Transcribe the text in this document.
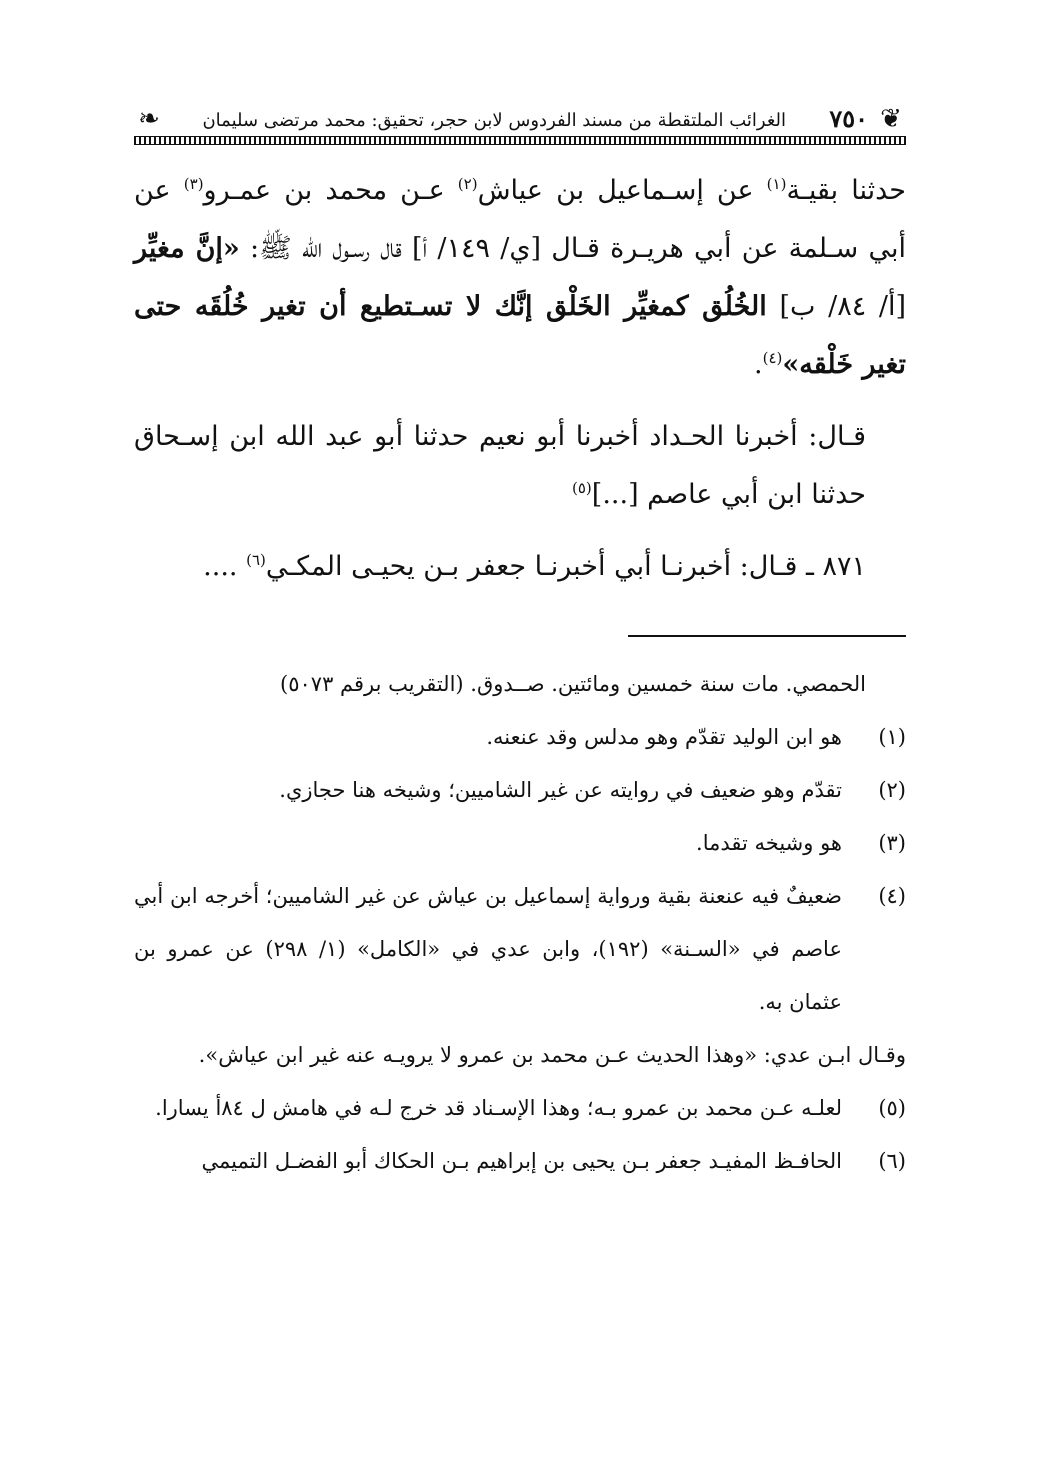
❦
٧٥٠
الغرائب الملتقطة من مسند الفردوس لابن حجر، تحقيق: محمد مرتضى سليمان
❧

حدثنا بقيـة$^{(١)}$ عن إسـماعيل بن عياش$^{(٢)}$ عـن محمد بن عمـرو$^{(٣)}$ عن أبي سـلمة عن أبي هريـرة قـال [ي/ ١٤٩/ أ] قال رسـول الله ﷺ: «إنَّ مغيِّر [أ/ ٨٤/ ب] الخُلُق كمغيِّر الخَلْق إنَّك لا تسـتطيع أن تغير خُلُقَه حتى تغير خَلْقه»$^{(٤)}$.

قـال: أخبرنا الحـداد أخبرنا أبو نعيم حدثنا أبو عبد الله ابن إسـحاق حدثنا ابن أبي عاصم [...]$^{(٥)}$

٨٧١ ـ قـال: أخبرنـا أبي أخبرنـا جعفر بـن يحيـى المكـي$^{(٦)}$ ....

الحمصي. مات سنة خمسين ومائتين. صــدوق. (التقريب برقم ٥٠٧٣)

(١)
هو ابن الوليد تقدّم وهو مدلس وقد عنعنه.
(٢)
تقدّم وهو ضعيف في روايته عن غير الشاميين؛ وشيخه هنا حجازي.
(٣)
هو وشيخه تقدما.
(٤)
ضعيفٌ فيه عنعنة بقية ورواية إسماعيل بن عياش عن غير الشاميين؛ أخرجه ابن أبي عاصم في «السـنة» (١٩٢)، وابن عدي في «الكامل» (١/ ٢٩٨) عن عمرو بن عثمان به.

وقـال ابـن عدي: «وهذا الحديث عـن محمد بن عمرو لا يرويـه عنه غير ابن عياش».

(٥)
لعلـه عـن محمد بن عمرو بـه؛ وهذا الإسـناد قد خرج لـه في هامش ل ٨٤أ يسارا.
(٦)
الحافـظ المفيـد جعفر بـن يحيى بن إبراهيم بـن الحكاك أبو الفضـل التميمي
